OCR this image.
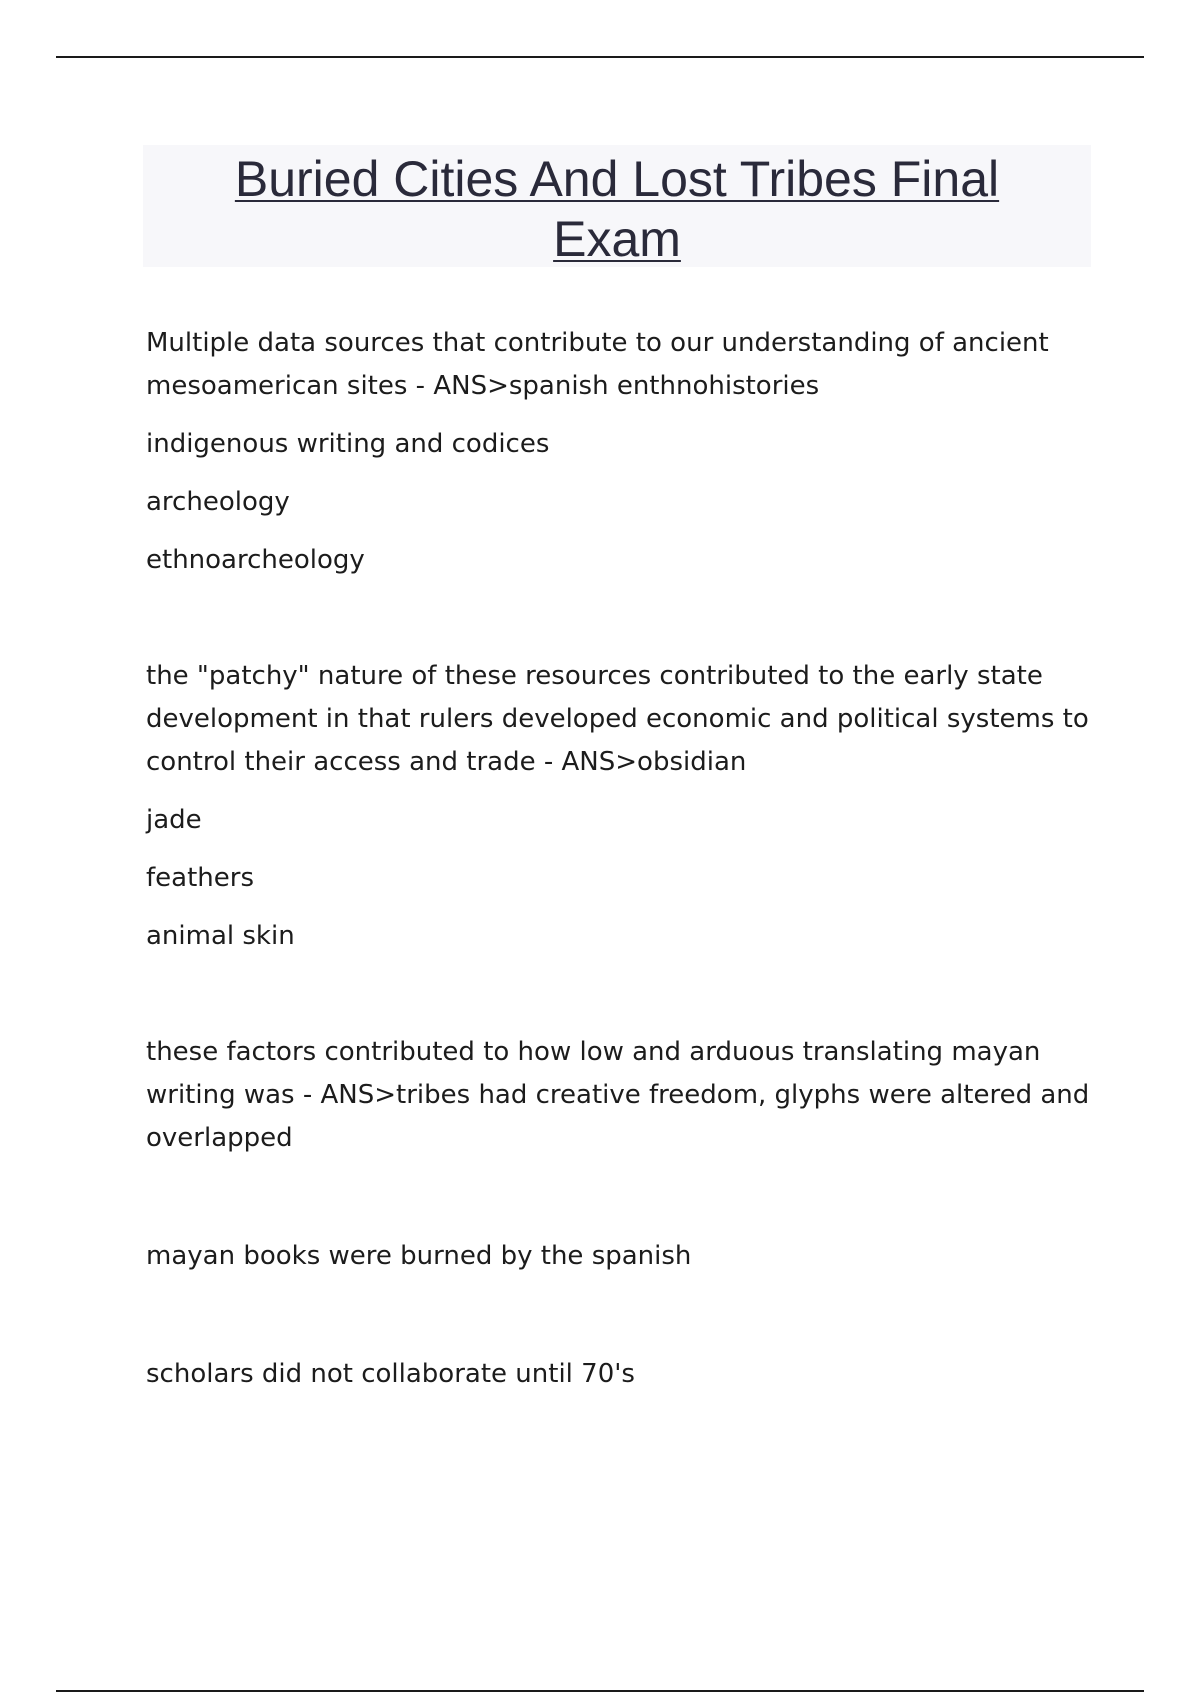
Buried Cities And Lost Tribes Final Exam

Multiple data sources that contribute to our understanding of ancient mesoamerican sites - ANS>spanish enthnohistories

indigenous writing and codices

archeology

ethnoarcheology

the "patchy" nature of these resources contributed to the early state development in that rulers developed economic and political systems to control their access and trade - ANS>obsidian

jade

feathers

animal skin

these factors contributed to how low and arduous translating mayan writing was - ANS>tribes had creative freedom, glyphs were altered and overlapped

mayan books were burned by the spanish

scholars did not collaborate until 70's
